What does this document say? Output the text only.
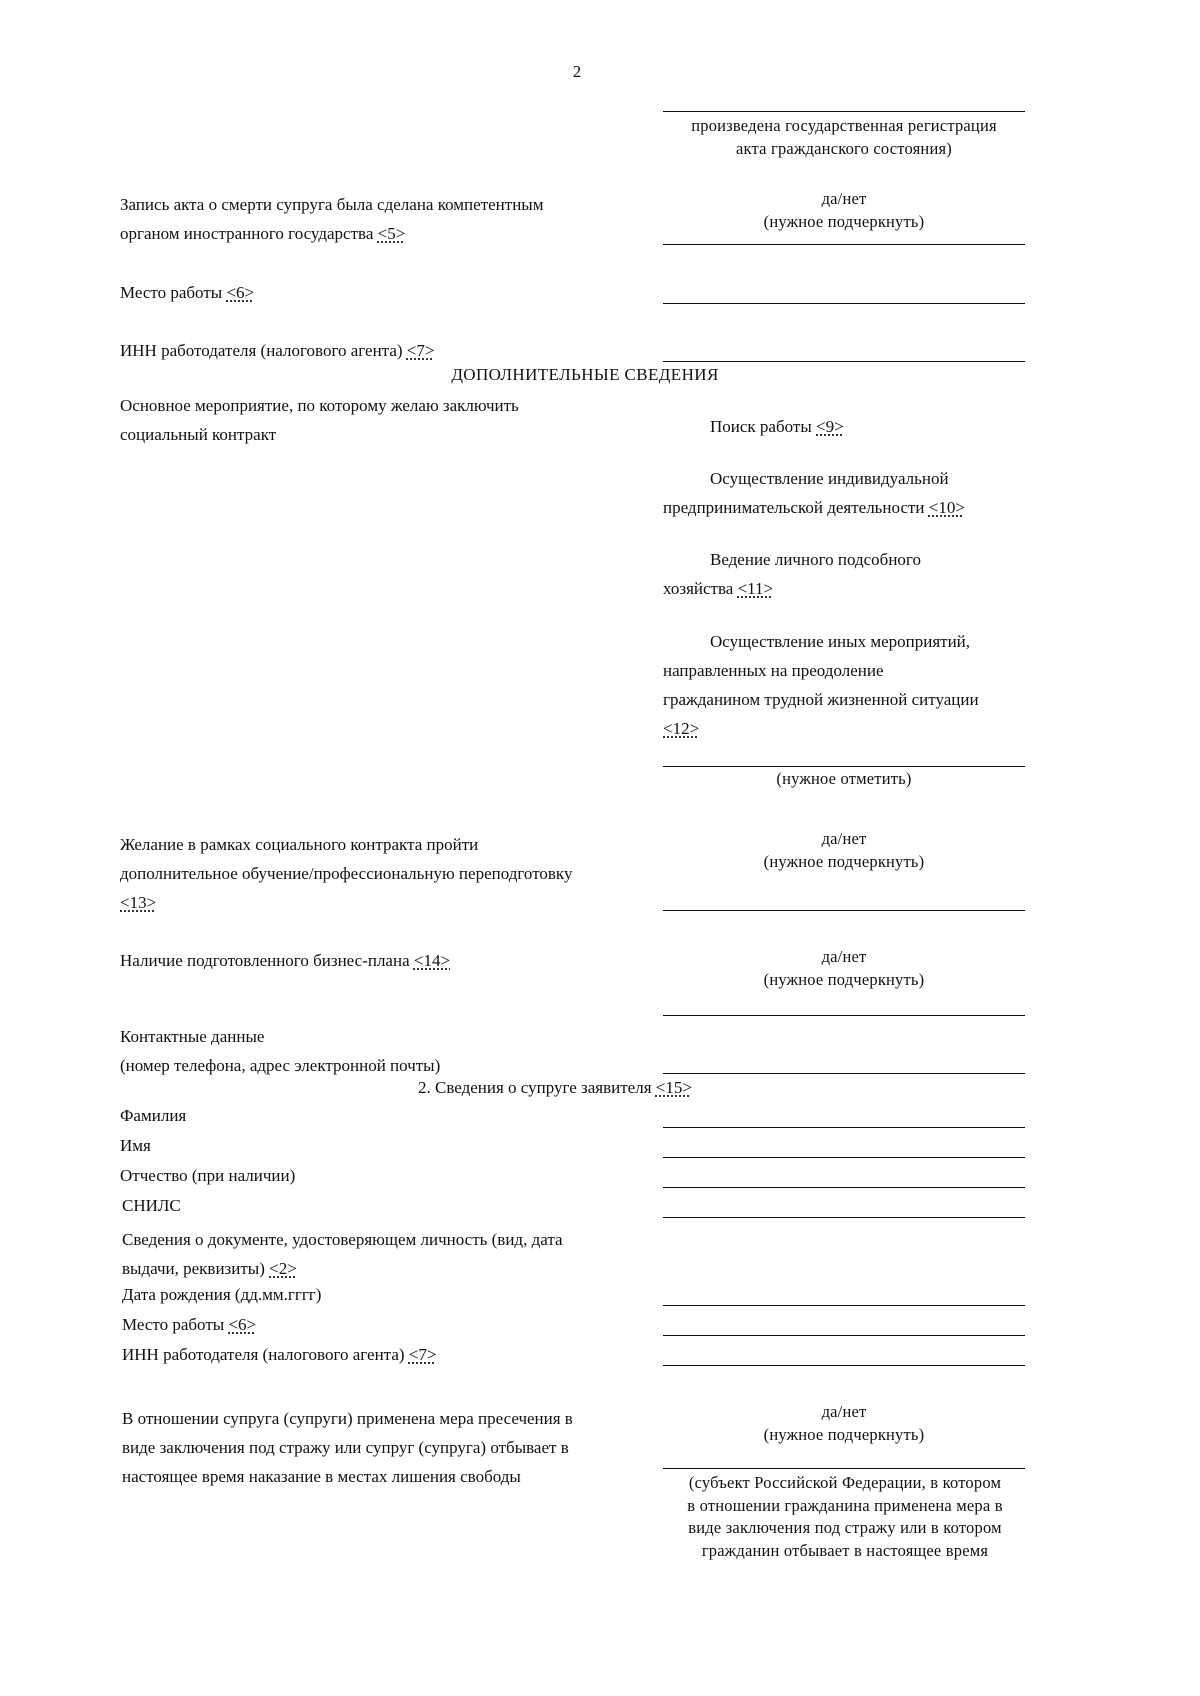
2
произведена государственная регистрация
акта гражданского состояния)
Запись акта о смерти супруга была сделана компетентным
органом иностранного государства <5>
да/нет
(нужное подчеркнуть)
Место работы <6>
ИНН работодателя (налогового агента) <7>
ДОПОЛНИТЕЛЬНЫЕ СВЕДЕНИЯ
Основное мероприятие, по которому желаю заключить
социальный контракт	Поиск работы <9>
Осуществление индивидуальной
предпринимательской деятельности <10>
Ведение личного подсобного
хозяйства <11>
Осуществление иных мероприятий,
направленных на преодоление
гражданином трудной жизненной ситуации
<12>
(нужное отметить)
Желание в рамках социального контракта пройти
дополнительное обучение/профессиональную переподготовку
<13>
да/нет
(нужное подчеркнуть)
Наличие подготовленного бизнес-плана <14>	да/нет
(нужное подчеркнуть)
Контактные данные
(номер телефона, адрес электронной почты)
2. Сведения о супруге заявителя <15>
Фамилия
Имя
Отчество (при наличии)
СНИЛС
Сведения о документе, удостоверяющем личность (вид, дата
выдачи, реквизиты) <2>
Дата рождения (дд.мм.гггг)
Место работы <6>
ИНН работодателя (налогового агента) <7>
В отношении супруга (супруги) применена мера пресечения в
виде заключения под стражу или супруг (супруга) отбывает в
настоящее время наказание в местах лишения свободы
да/нет
(нужное подчеркнуть)
(субъект Российской Федерации, в котором
в отношении гражданина применена мера в
виде заключения под стражу или в котором
гражданин отбывает в настоящее время
